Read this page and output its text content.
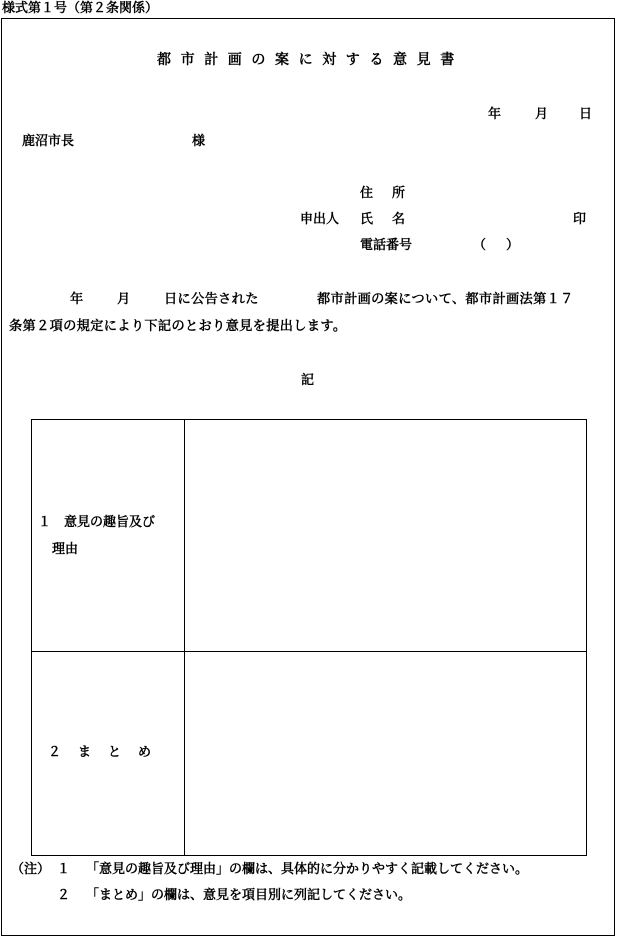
様式第１号（第２条関係）
都市計画の案に対する意見書
年	月 日
鹿沼市長	様
住　所
申出人 氏　名	印
電話番号	（ ）
年	月	日に公告された	都市計画の案について、都市計画法第１７
条第２項の規定により下記のとおり意見を提出します。
記
１　意見の趣旨及び
理由
２　ま　と　め
（注） １ 「意見の趣旨及び理由」の欄は、具体的に分かりやすく記載してください。
２ 「まとめ」の欄は、意見を項目別に列記してください。
